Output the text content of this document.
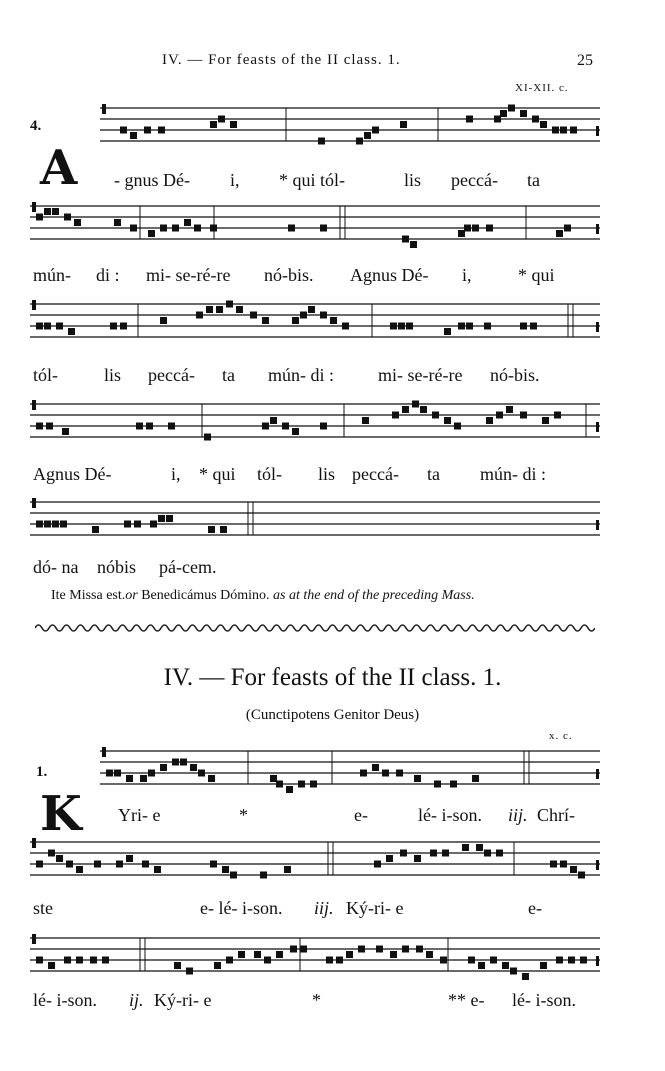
IV. — For feasts of the II class. 1.	25
XI-XII. c.
4.
A - gnus Dé- i, * qui tól-	lis peccá- ta
mún- di : mi- se-ré-re nó-bis. Agnus Dé- i,	* qui
tól-	lis peccá- ta mún- di : mi- se-ré-re nó-bis.
Agnus Dé-	i, * qui tól- lis peccá- ta mún- di :
dó- na nóbis pá-cem.
Ite Missa est.or Benedicámus Dómino. as at the end of the preceding Mass.
IV. — For feasts of the II class. 1.
(Cunctipotens Genitor Deus)
x. c.
1.
K Yri- e	*	e-	lé- i-son. iij. Chrí-
ste	e- lé- i-son. iij. Ký-ri- e	e-
lé- i-son. ij. Ký-ri- e	*	** e- lé- i-son.
